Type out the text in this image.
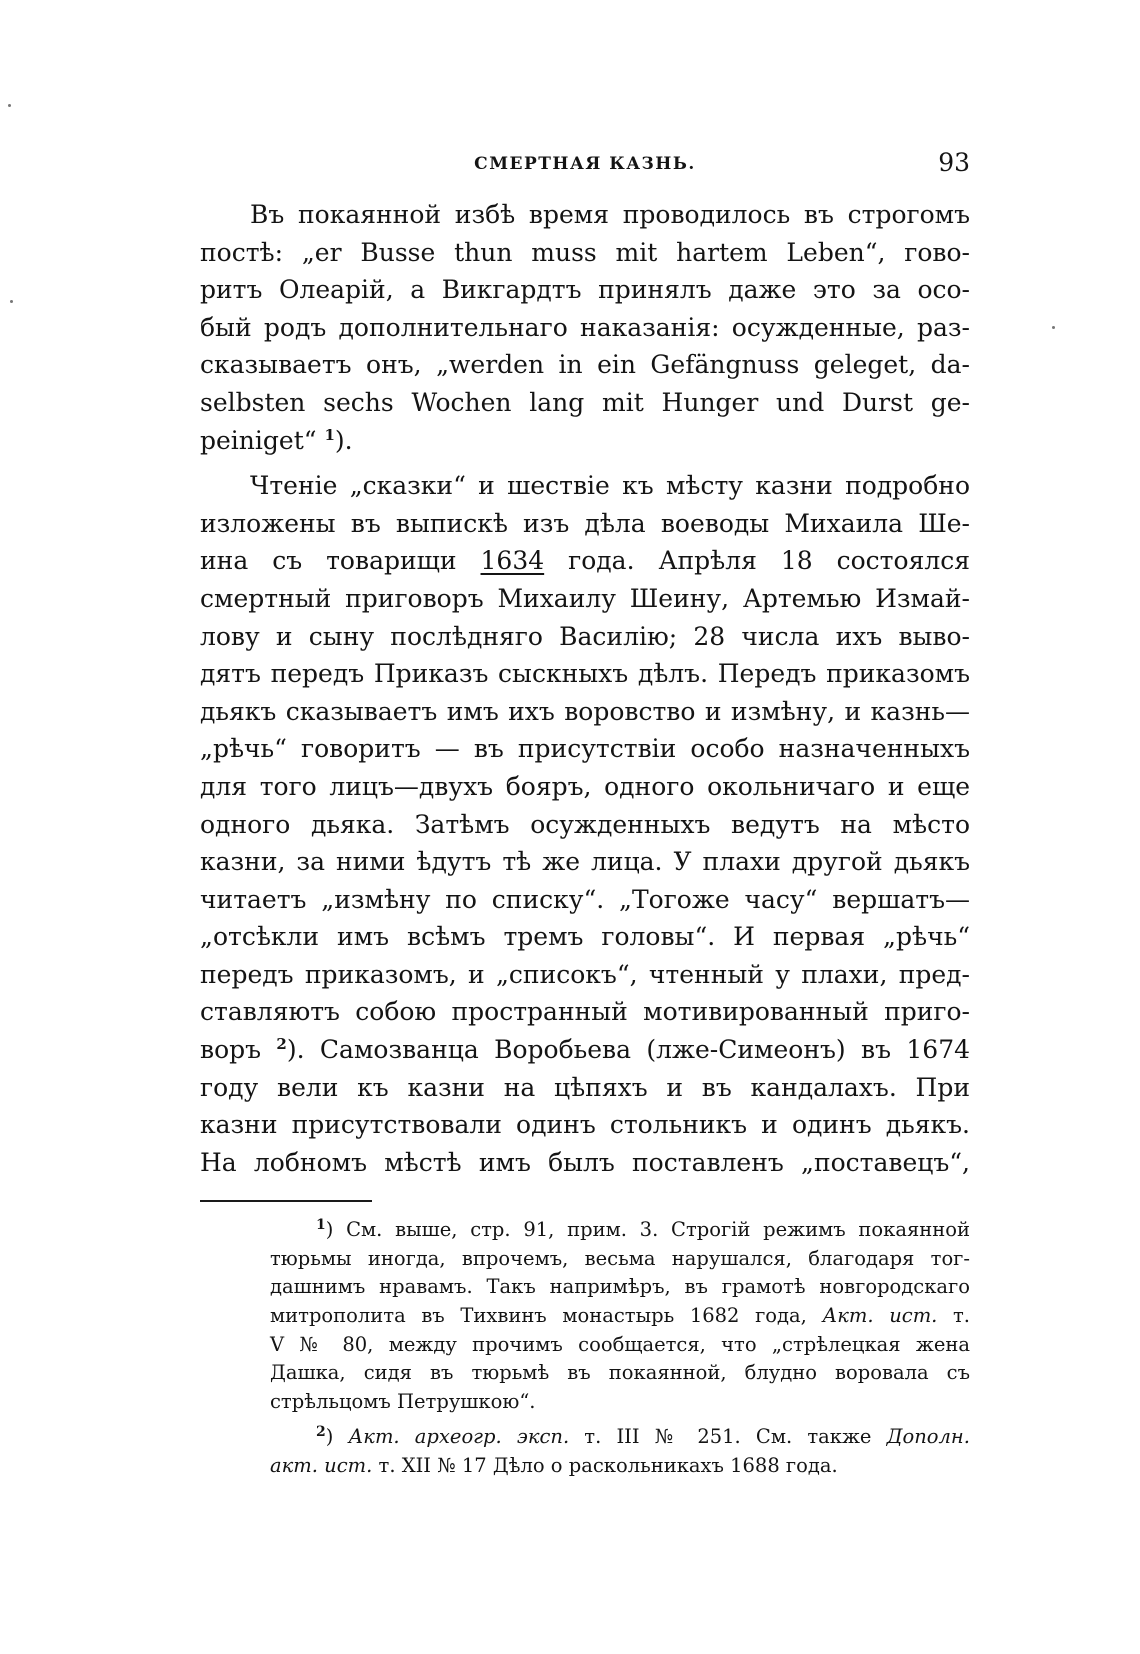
СМЕРТНАЯ КАЗНЬ.	93
Въ покаянной избѣ время проводилось въ строгомъ
постѣ: „er Busse thun muss mit hartem Leben“, гово-
ритъ Олеарій, а Викгардтъ принялъ даже это за осо-
бый родъ дополнительнаго наказанія: осужденные, раз-
сказываетъ онъ, „werden in ein Gefängnuss geleget, da-
selbsten sechs Wochen lang mit Hunger und Durst ge-
peiniget“ $^1$).
Чтеніе „сказки“ и шествіе къ мѣсту казни подробно
изложены въ выпискѣ изъ дѣла воеводы Михаила Ше-
ина съ товарищи 1634 года. Апрѣля 18 состоялся
смертный приговоръ Михаилу Шеину, Артемью Измай-
лову и сыну послѣдняго Василію; 28 числа ихъ выво-
дятъ передъ Приказъ сыскныхъ дѣлъ. Передъ приказомъ
дьякъ сказываетъ имъ ихъ воровство и измѣну, и казнь—
„рѣчь“ говоритъ — въ присутствіи особо назначенныхъ
для того лицъ—двухъ бояръ, одного окольничаго и еще
одного дьяка. Затѣмъ осужденныхъ ведутъ на мѣсто
казни, за ними ѣдутъ тѣ же лица. У плахи другой дьякъ
читаетъ „измѣну по списку“. „Тогоже часу“ вершатъ—
„отсѣкли имъ всѣмъ тремъ головы“. И первая „рѣчь“
передъ приказомъ, и „списокъ“, чтенный у плахи, пред-
ставляютъ собою пространный мотивированный приго-
воръ $^2$). Самозванца Воробьева (лже-Симеонъ) въ 1674
году вели къ казни на цѣпяхъ и въ кандалахъ. При
казни присутствовали одинъ стольникъ и одинъ дьякъ.
На лобномъ мѣстѣ имъ былъ поставленъ „поставецъ“,
$^1$) См. выше, стр. 91, прим. 3. Строгій режимъ покаянной
тюрьмы иногда, впрочемъ, весьма нарушался, благодаря тог-
дашнимъ нравамъ. Такъ напримѣръ, въ грамотѣ новгородскаго
митрополита въ Тихвинъ монастырь 1682 года, Акт. ист. т.
V № 80, между прочимъ сообщается, что „стрѣлецкая жена
Дашка, сидя въ тюрьмѣ въ покаянной, блудно воровала съ
стрѣльцомъ Петрушкою“.
$^2$) Акт. археогр. эксп. т. III № 251. См. также Дополн.
акт. ист. т. XII № 17 Дѣло о раскольникахъ 1688 года.
